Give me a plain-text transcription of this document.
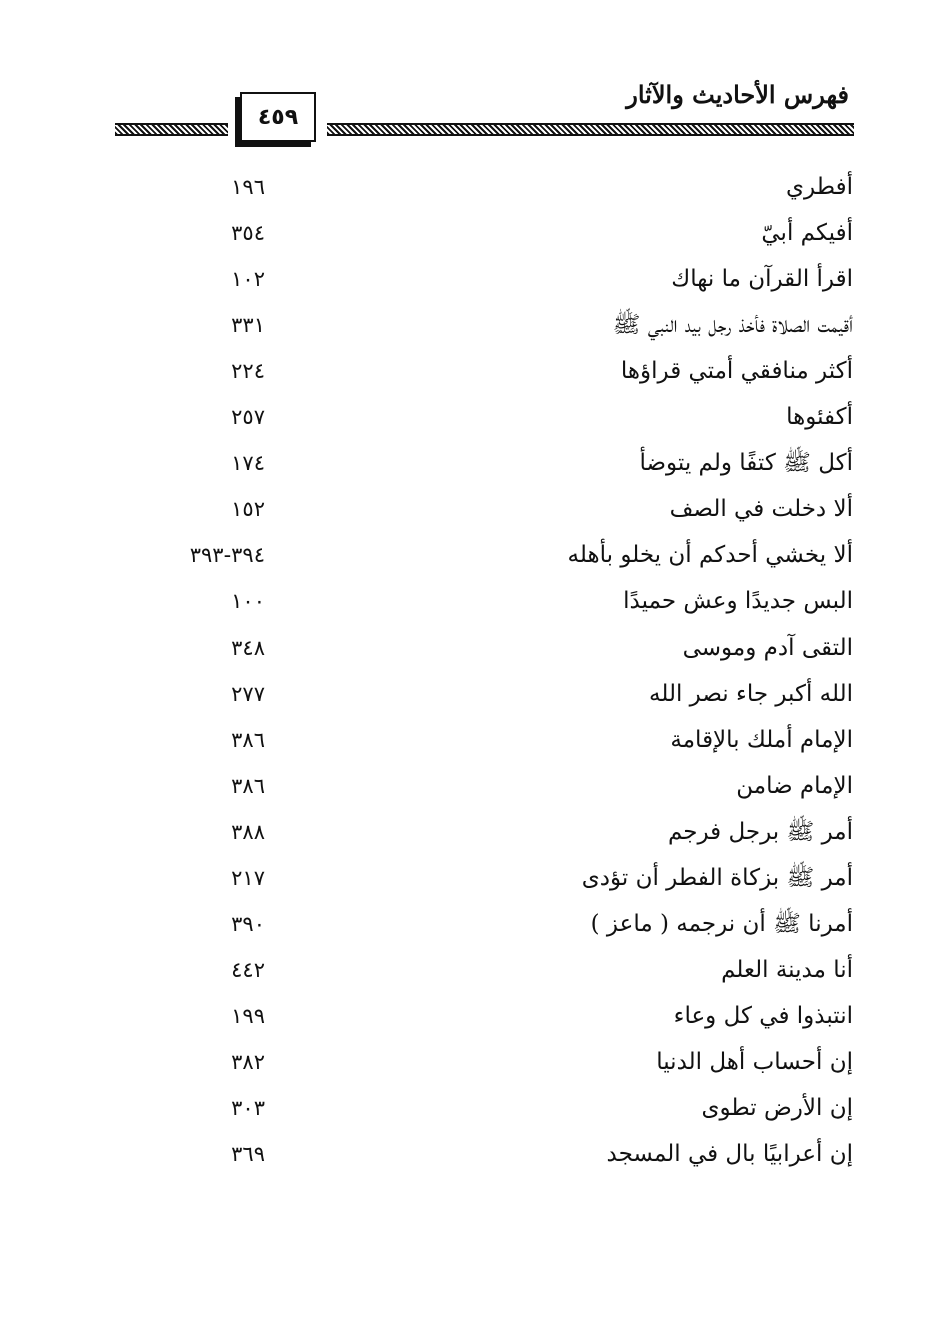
فهرس الأحاديث والآثار
٤٥٩
أفطري
١٩٦
أفيكم أبيّ
٣٥٤
اقرأ القرآن ما نهاك
١٠٢
أقيمت الصلاة فأخذ رجل بيد النبي ﷺ
٣٣١
أكثر منافقي أمتي قراؤها
٢٢٤
أكفئوها
٢٥٧
أكل ﷺ كتفًا ولم يتوضأ
١٧٤
ألا دخلت في الصف
١٥٢
ألا يخشي أحدكم أن يخلو بأهله
٣٩٤-٣٩٣
البس جديدًا وعش حميدًا
١٠٠
التقى آدم وموسى
٣٤٨
الله أكبر جاء نصر الله
٢٧٧
الإمام أملك بالإقامة
٣٨٦
الإمام ضامن
٣٨٦
أمر ﷺ برجل فرجم
٣٨٨
أمر ﷺ بزكاة الفطر أن تؤدى
٢١٧
أمرنا ﷺ أن نرجمه ( ماعز )
٣٩٠
أنا مدينة العلم
٤٤٢
انتبذوا في كل وعاء
١٩٩
إن أحساب أهل الدنيا
٣٨٢
إن الأرض تطوى
٣٠٣
إن أعرابيًا بال في المسجد
٣٦٩
